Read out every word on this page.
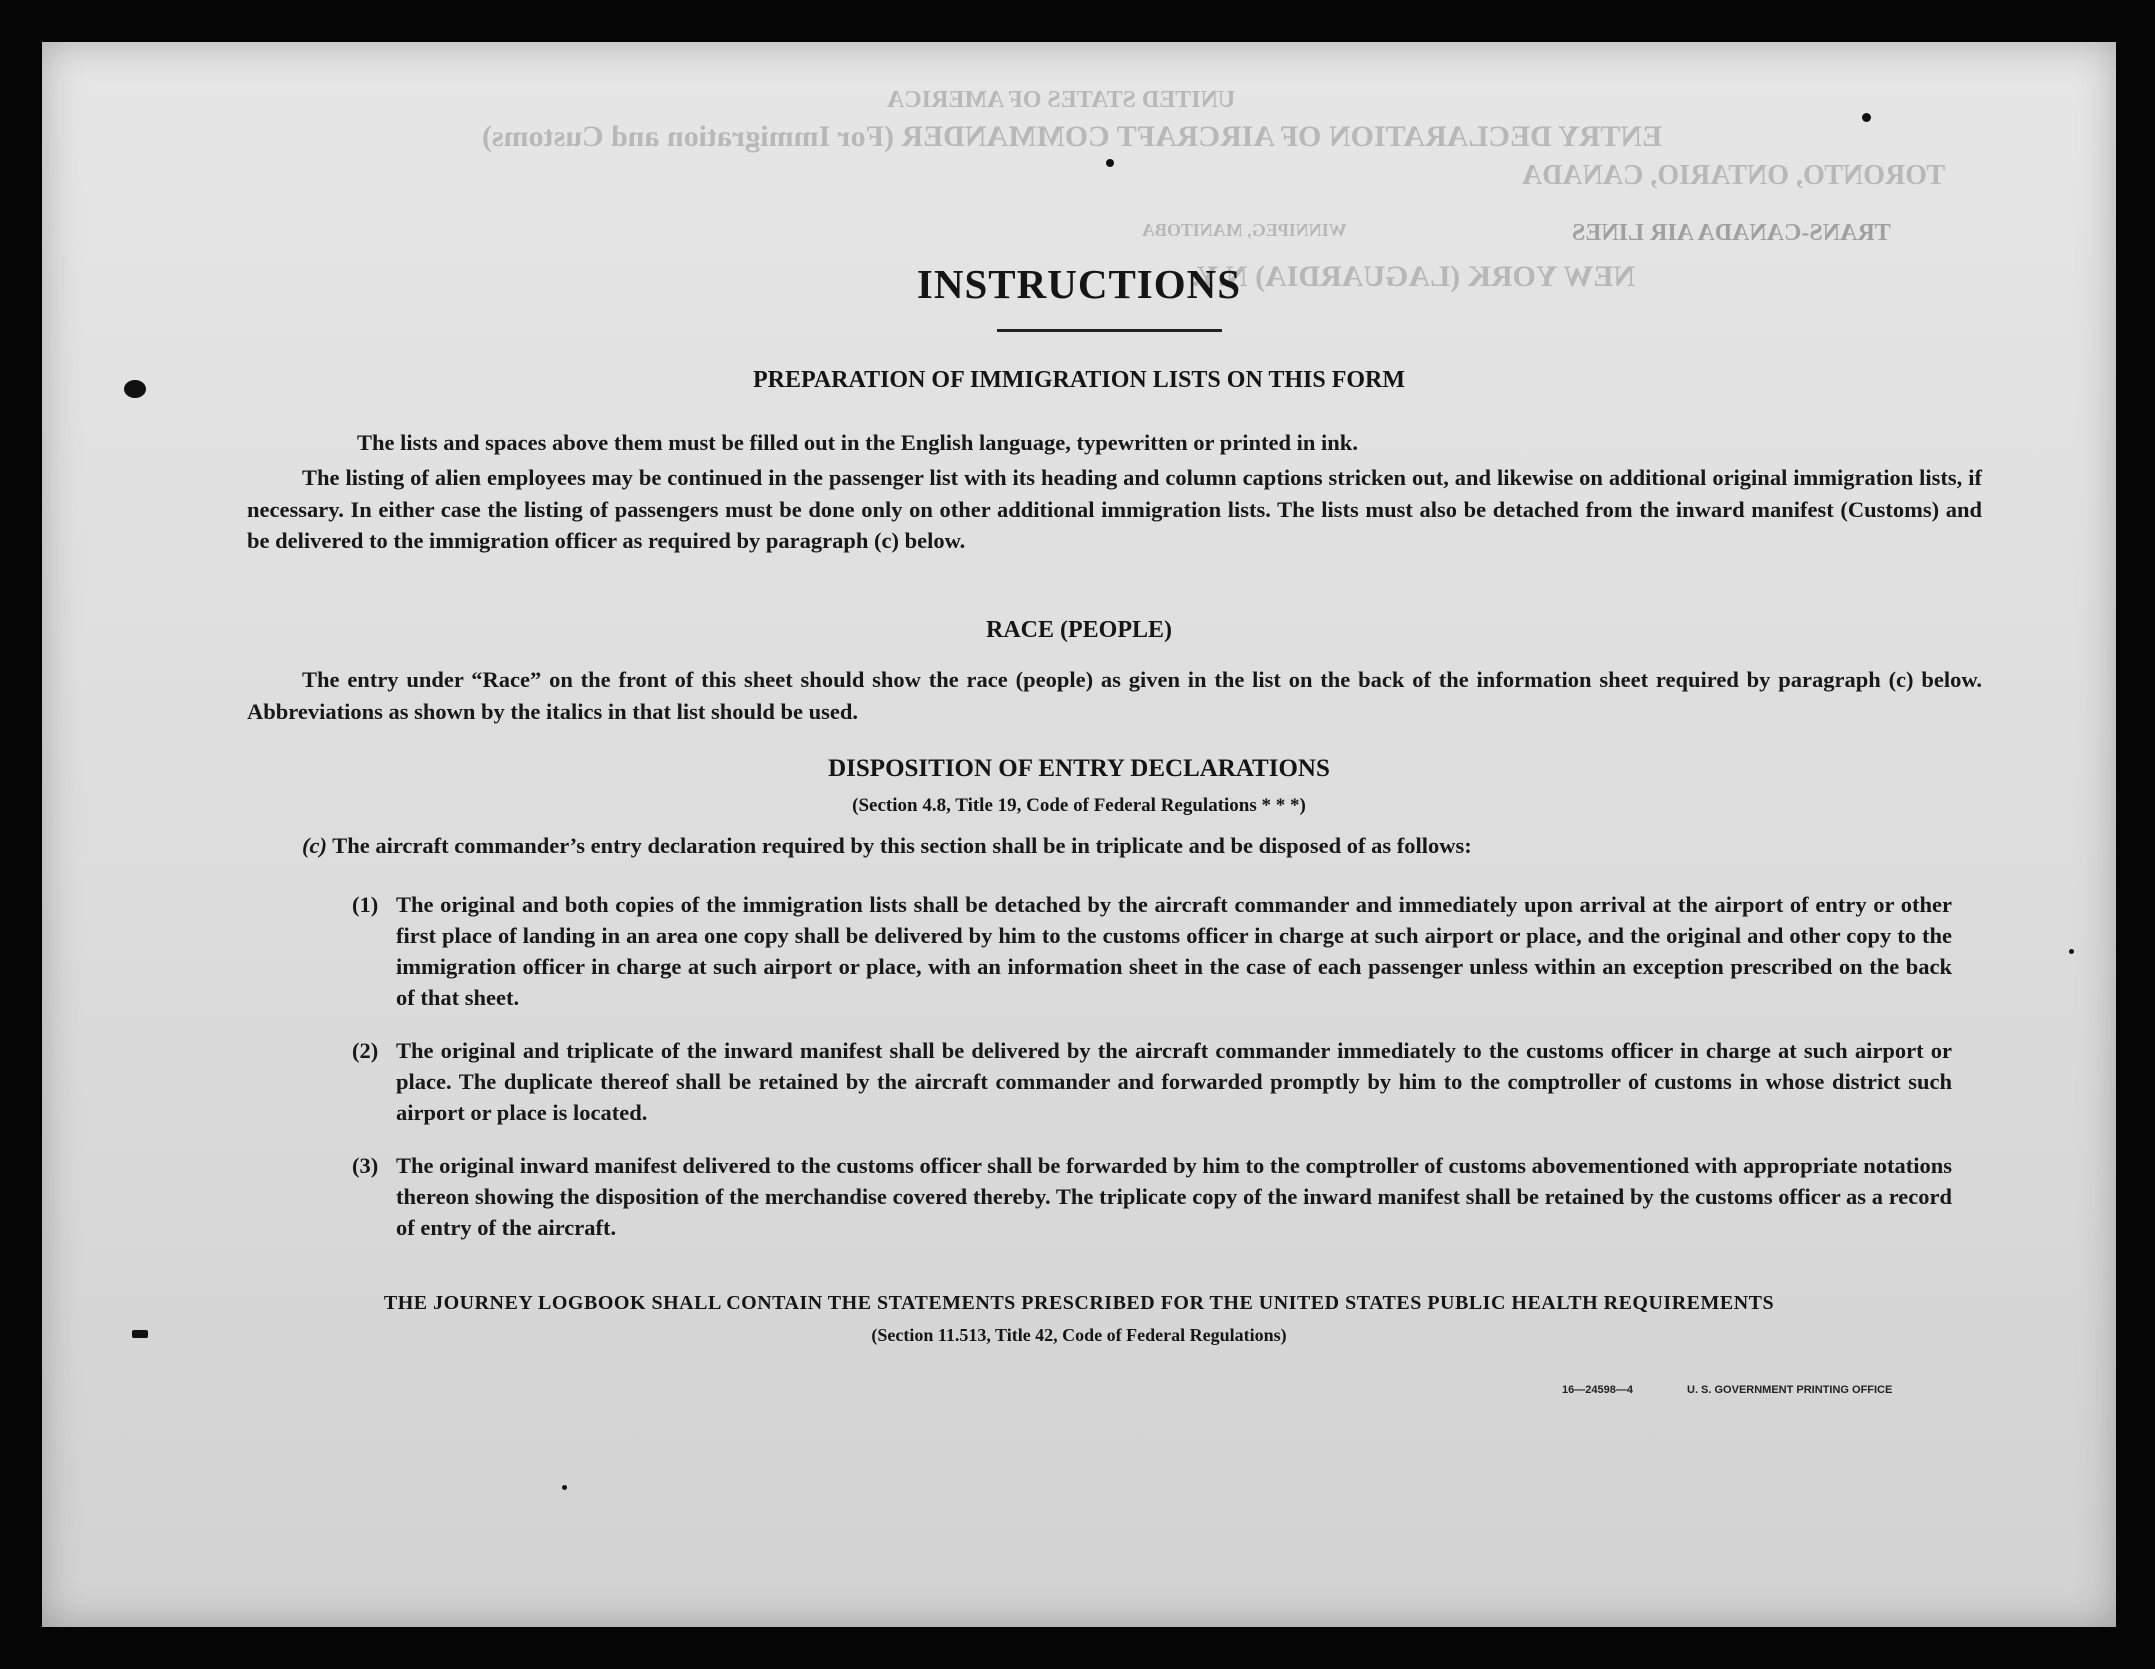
UNITED STATES OF AMERICA
ENTRY DECLARATION OF AIRCRAFT COMMANDER (For Immigration and Customs)
TORONTO, ONTARIO, CANADA
TRANS-CANADA AIR LINES
WINNIPEG, MANITOBA
NEW YORK (LAGUARDIA) N.Y.
INSTRUCTIONS
PREPARATION OF IMMIGRATION LISTS ON THIS FORM
The lists and spaces above them must be filled out in the English language, typewritten or printed in ink.
The listing of alien employees may be continued in the passenger list with its heading and column captions stricken out, and likewise on additional original immigration lists, if necessary. In either case the listing of passengers must be done only on other additional immigration lists. The lists must also be detached from the inward manifest (Customs) and be delivered to the immigration officer as required by paragraph (c) below.
RACE (PEOPLE)
The entry under “Race” on the front of this sheet should show the race (people) as given in the list on the back of the information sheet required by paragraph (c) below. Abbreviations as shown by the italics in that list should be used.
DISPOSITION OF ENTRY DECLARATIONS
(Section 4.8, Title 19, Code of Federal Regulations * * *)
(c) The aircraft commander’s entry declaration required by this section shall be in triplicate and be disposed of as follows:
(1) The original and both copies of the immigration lists shall be detached by the aircraft commander and immediately upon arrival at the airport of entry or other first place of landing in an area one copy shall be delivered by him to the customs officer in charge at such airport or place, and the original and other copy to the immigration officer in charge at such airport or place, with an information sheet in the case of each passenger unless within an exception prescribed on the back of that sheet.
(2) The original and triplicate of the inward manifest shall be delivered by the aircraft commander immediately to the customs officer in charge at such airport or place. The duplicate thereof shall be retained by the aircraft commander and forwarded promptly by him to the comptroller of customs in whose district such airport or place is located.
(3) The original inward manifest delivered to the customs officer shall be forwarded by him to the comptroller of customs abovementioned with appropriate notations thereon showing the disposition of the merchandise covered thereby. The triplicate copy of the inward manifest shall be retained by the customs officer as a record of entry of the aircraft.
THE JOURNEY LOGBOOK SHALL CONTAIN THE STATEMENTS PRESCRIBED FOR THE UNITED STATES PUBLIC HEALTH REQUIREMENTS
(Section 11.513, Title 42, Code of Federal Regulations)
16—24598—4	U. S. GOVERNMENT PRINTING OFFICE
